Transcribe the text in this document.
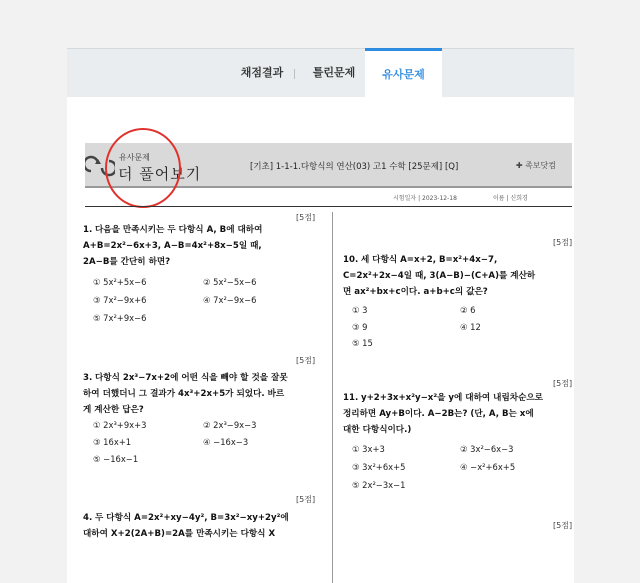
채점결과	틀린문제	유사문제
유사문제
더 풀어보기	[기초] 1-1-1.다항식의 연산(03) 고1 수학 [25문제] [Q]	✚ 족보닷컴
시험일자 | 2023-12-18	이름 | 신희경
[5점]
1. 다음을 만족시키는 두 다항식 A, B에 대하여
A+B=2x²−6x+3, A−B=4x²+8x−5일 때,
2A−B를 간단히 하면?
① 5x²+5x−6	② 5x²−5x−6
③ 7x²−9x+6	④ 7x²−9x−6
⑤ 7x²+9x−6
[5점]
3. 다항식 2x³−7x+2에 어떤 식을 빼야 할 것을 잘못
하여 더했더니 그 결과가 4x³+2x+5가 되었다. 바르
게 계산한 답은?
① 2x³+9x+3	② 2x³−9x−3
③ 16x+1	④ −16x−3
⑤ −16x−1
[5점]
4. 두 다항식 A=2x²+xy−4y², B=3x²−xy+2y²에
대하여 X+2(2A+B)=2A를 만족시키는 다항식 X
[5점]
10. 세 다항식 A=x+2, B=x²+4x−7,
C=2x²+2x−4일 때, 3(A−B)−(C+A)를 계산하
면 ax²+bx+c이다. a+b+c의 값은?
① 3	② 6
③ 9	④ 12
⑤ 15
[5점]
11. y+2+3x+x²y−x²을 y에 대하여 내림차순으로
정리하면 Ay+B이다. A−2B는? (단, A, B는 x에
대한 다항식이다.)
① 3x+3	② 3x²−6x−3
③ 3x²+6x+5	④ −x²+6x+5
⑤ 2x²−3x−1
[5점]
